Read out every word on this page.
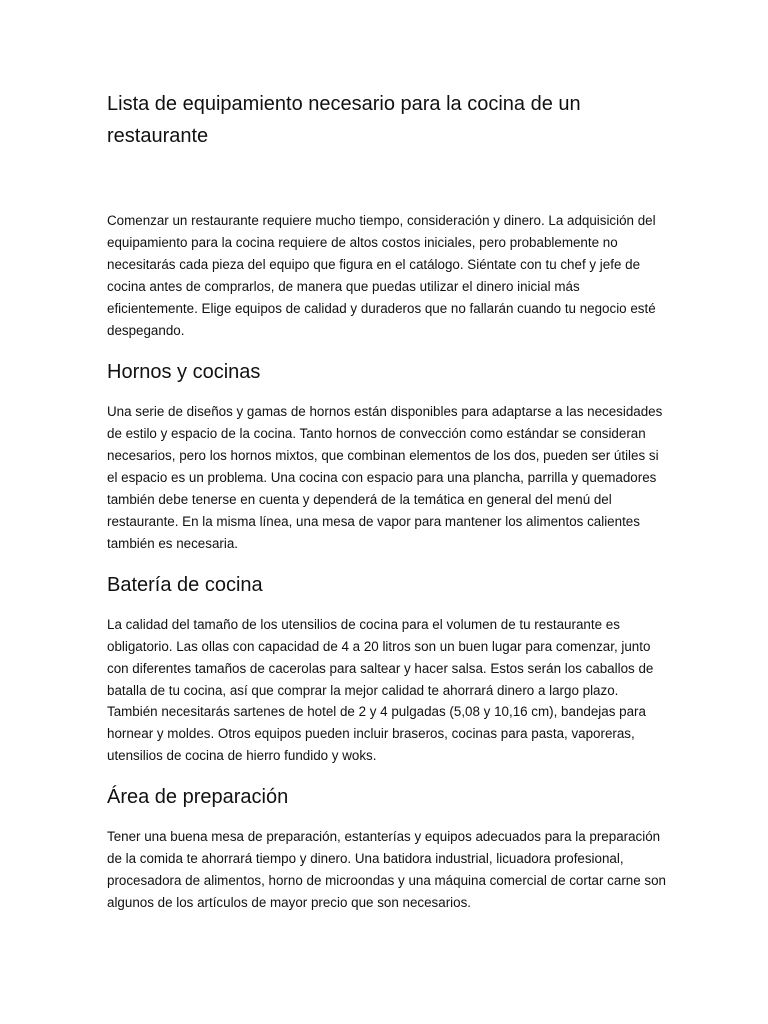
Lista de equipamiento necesario para la cocina de un restaurante

Comenzar un restaurante requiere mucho tiempo, consideración y dinero. La adquisición del equipamiento para la cocina requiere de altos costos iniciales, pero probablemente no necesitarás cada pieza del equipo que figura en el catálogo. Siéntate con tu chef y jefe de cocina antes de comprarlos, de manera que puedas utilizar el dinero inicial más eficientemente. Elige equipos de calidad y duraderos que no fallarán cuando tu negocio esté despegando.

Hornos y cocinas

Una serie de diseños y gamas de hornos están disponibles para adaptarse a las necesidades de estilo y espacio de la cocina. Tanto hornos de convección como estándar se consideran necesarios, pero los hornos mixtos, que combinan elementos de los dos, pueden ser útiles si el espacio es un problema. Una cocina con espacio para una plancha, parrilla y quemadores también debe tenerse en cuenta y dependerá de la temática en general del menú del restaurante. En la misma línea, una mesa de vapor para mantener los alimentos calientes también es necesaria.

Batería de cocina

La calidad del tamaño de los utensilios de cocina para el volumen de tu restaurante es obligatorio. Las ollas con capacidad de 4 a 20 litros son un buen lugar para comenzar, junto con diferentes tamaños de cacerolas para saltear y hacer salsa. Estos serán los caballos de batalla de tu cocina, así que comprar la mejor calidad te ahorrará dinero a largo plazo. También necesitarás sartenes de hotel de 2 y 4 pulgadas (5,08 y 10,16 cm), bandejas para hornear y moldes. Otros equipos pueden incluir braseros, cocinas para pasta, vaporeras, utensilios de cocina de hierro fundido y woks.

Área de preparación

Tener una buena mesa de preparación, estanterías y equipos adecuados para la preparación de la comida te ahorrará tiempo y dinero. Una batidora industrial, licuadora profesional, procesadora de alimentos, horno de microondas y una máquina comercial de cortar carne son algunos de los artículos de mayor precio que son necesarios.
